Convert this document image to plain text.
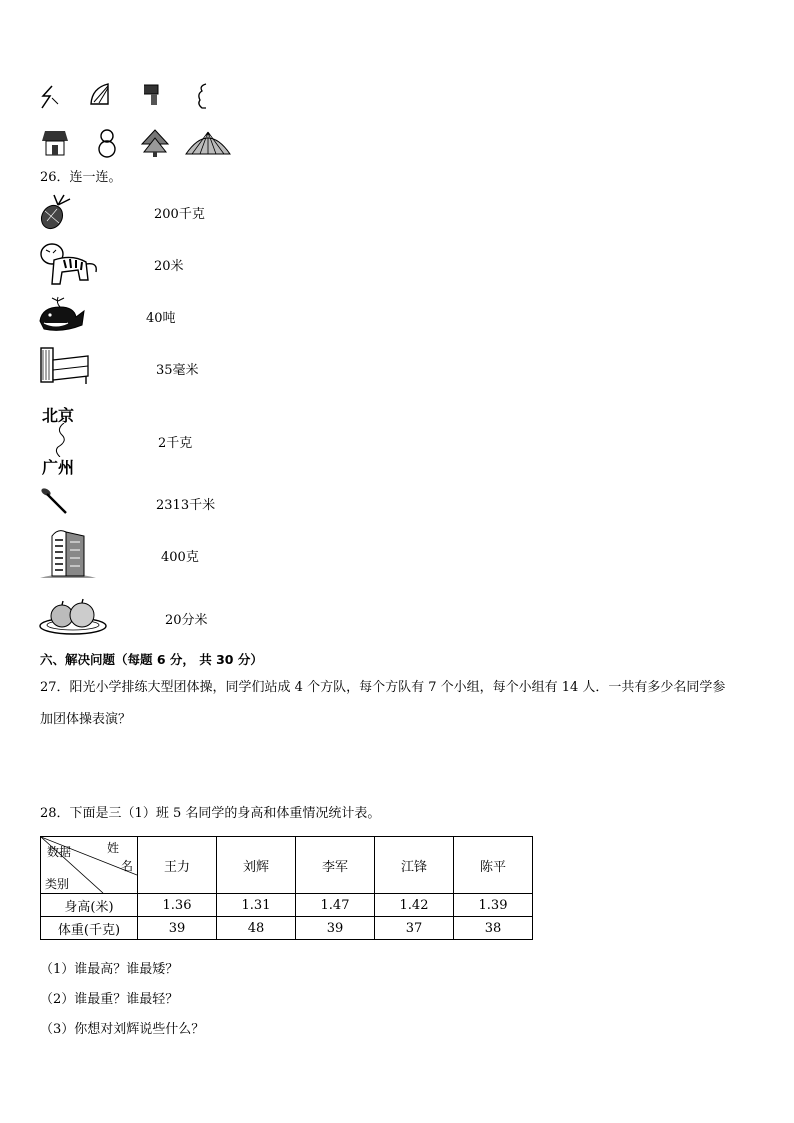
26．连一连。
200千克
20米
40吨
35毫米
北京
广州
2千克
2313千米
400克
20分米
六、解决问题（每题 6 分， 共 30 分）
27．阳光小学排练大型团体操，同学们站成 4 个方队，每个方队有 7 个小组，每个小组有 14 人．一共有多少名同学参
加团体操表演？
28．下面是三（1）班 5 名同学的身高和体重情况统计表。
数据 姓
名
类别	王力	刘辉	李军	江锋	陈平
身高(米)	1.36	1.31	1.47	1.42	1.39
体重(千克)	39	48	39	37	38
（1）谁最高？谁最矮？
（2）谁最重？谁最轻？
（3）你想对刘辉说些什么？
